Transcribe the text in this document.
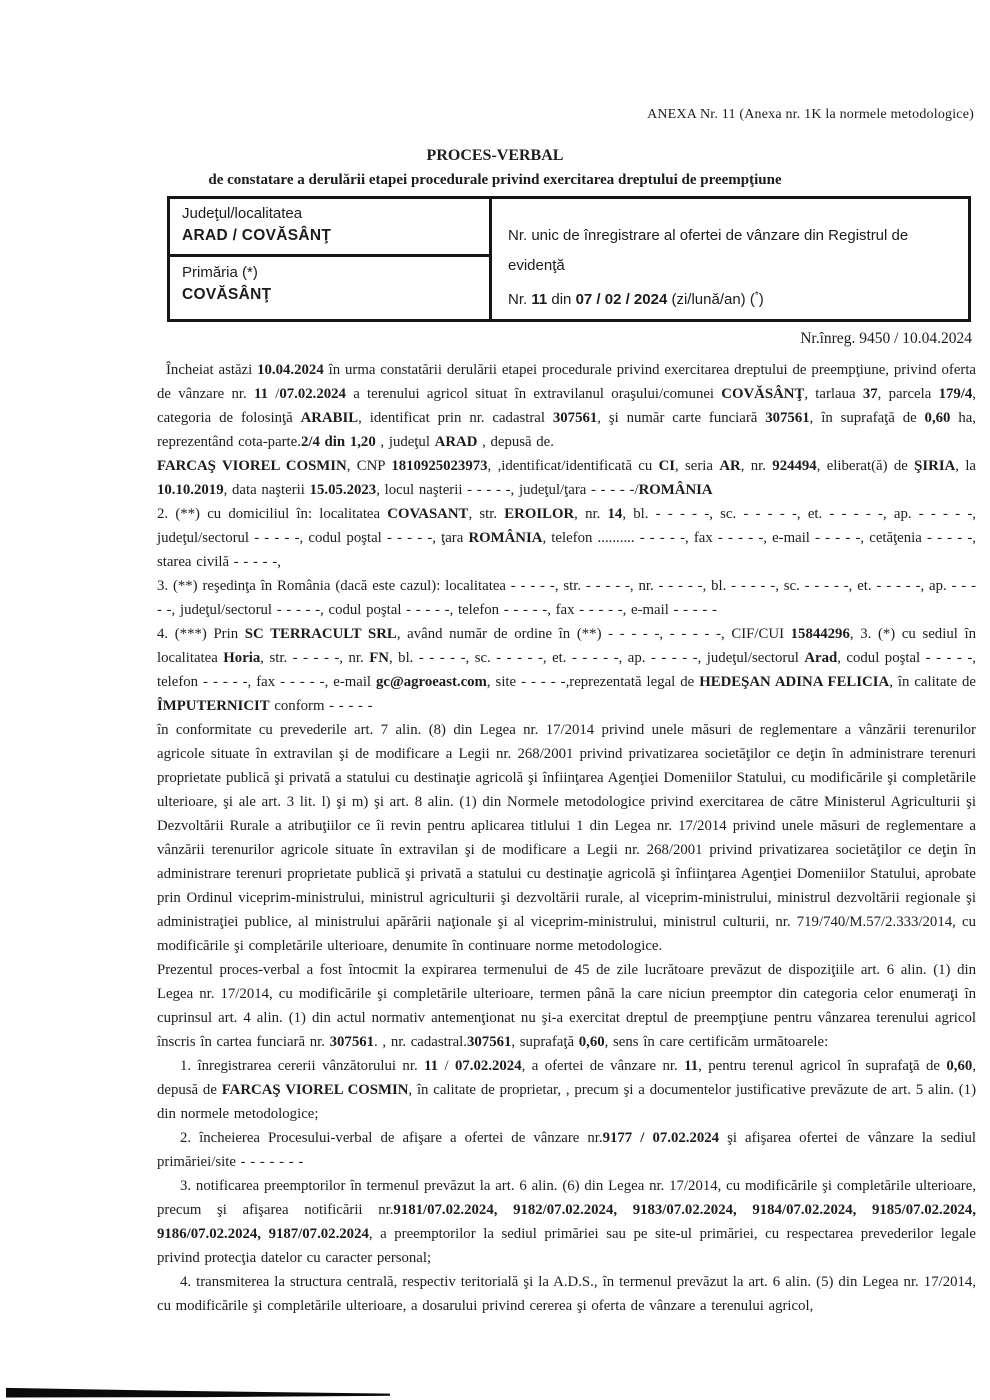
ANEXA Nr. 11 (Anexa nr. 1K la normele metodologice)
PROCES-VERBAL
de constatare a derulării etapei procedurale privind exercitarea dreptului de preempţiune
Judeţul/localitatea
ARAD / COVĂSÂNŢ
Primăria (*)
COVĂSÂNŢ
Nr. unic de înregistrare al ofertei de vânzare din Registrul de evidenţă
Nr. 11 din 07 / 02 / 2024 (zi/lună/an) (*)
Nr.înreg. 9450 / 10.04.2024

Încheiat astăzi 10.04.2024 în urma constatării derulării etapei procedurale privind exercitarea dreptului de preempţiune, privind oferta de vânzare nr. 11 /07.02.2024 a terenului agricol situat în extravilanul oraşului/comunei COVĂSÂNŢ, tarlaua 37, parcela 179/4, categoria de folosinţă ARABIL, identificat prin nr. cadastral 307561, şi număr carte funciară 307561, în suprafaţă de 0,60 ha, reprezentând cota-parte.2/4 din 1,20 , judeţul ARAD , depusă de.

FARCAŞ VIOREL COSMIN, CNP 1810925023973, ,identificat/identificată cu CI, seria AR, nr. 924494, eliberat(ă) de ŞIRIA, la 10.10.2019, data naşterii 15.05.2023, locul naşterii - - - - -, judeţul/ţara - - - - -/ROMÂNIA

2. (**) cu domiciliul în: localitatea COVASANT, str. EROILOR, nr. 14, bl. - - - - -, sc. - - - - -, et. - - - - -, ap. - - - - -, judeţul/sectorul - - - - -, codul poştal - - - - -, ţara ROMÂNIA, telefon .......... - - - - -, fax - - - - -, e-mail - - - - -, cetăţenia - - - - -, starea civilă - - - - -,

3. (**) reşedinţa în România (dacă este cazul): localitatea - - - - -, str. - - - - -, nr. - - - - -, bl. - - - - -, sc. - - - - -, et. - - - - -, ap. - - - - -, judeţul/sectorul - - - - -, codul poştal - - - - -, telefon - - - - -, fax - - - - -, e-mail - - - - -

4. (***) Prin SC TERRACULT SRL, având număr de ordine în (**) - - - - -, - - - - -, CIF/CUI 15844296, 3. (*) cu sediul în localitatea Horia, str. - - - - -, nr. FN, bl. - - - - -, sc. - - - - -, et. - - - - -, ap. - - - - -, judeţul/sectorul Arad, codul poştal - - - - -, telefon - - - - -, fax - - - - -, e-mail gc@agroeast.com, site - - - - -,reprezentată legal de HEDEŞAN ADINA FELICIA, în calitate de ÎMPUTERNICIT conform - - - - -

în conformitate cu prevederile art. 7 alin. (8) din Legea nr. 17/2014 privind unele măsuri de reglementare a vânzării terenurilor agricole situate în extravilan şi de modificare a Legii nr. 268/2001 privind privatizarea societăţilor ce deţin în administrare terenuri proprietate publică şi privată a statului cu destinaţie agricolă şi înfiinţarea Agenţiei Domeniilor Statului, cu modificările şi completările ulterioare, şi ale art. 3 lit. l) şi m) şi art. 8 alin. (1) din Normele metodologice privind exercitarea de către Ministerul Agriculturii şi Dezvoltării Rurale a atribuţiilor ce îi revin pentru aplicarea titlului 1 din Legea nr. 17/2014 privind unele măsuri de reglementare a vânzării terenurilor agricole situate în extravilan şi de modificare a Legii nr. 268/2001 privind privatizarea societăţilor ce deţin în administrare terenuri proprietate publică şi privată a statului cu destinaţie agricolă şi înfiinţarea Agenţiei Domeniilor Statului, aprobate prin Ordinul viceprim-ministrului, ministrul agriculturii şi dezvoltării rurale, al viceprim-ministrului, ministrul dezvoltării regionale şi administraţiei publice, al ministrului apărării naţionale şi al viceprim-ministrului, ministrul culturii, nr. 719/740/M.57/2.333/2014, cu modificările şi completările ulterioare, denumite în continuare norme metodologice.

Prezentul proces-verbal a fost întocmit la expirarea termenului de 45 de zile lucrătoare prevăzut de dispoziţiile art. 6 alin. (1) din Legea nr. 17/2014, cu modificările şi completările ulterioare, termen până la care niciun preemptor din categoria celor enumeraţi în cuprinsul art. 4 alin. (1) din actul normativ antemenţionat nu şi-a exercitat dreptul de preempţiune pentru vânzarea terenului agricol înscris în cartea funciară nr. 307561. , nr. cadastral.307561, suprafaţă 0,60, sens în care certificăm următoarele:

1. înregistrarea cererii vânzătorului nr. 11 / 07.02.2024, a ofertei de vânzare nr. 11, pentru terenul agricol în suprafaţă de 0,60, depusă de FARCAŞ VIOREL COSMIN, în calitate de proprietar, , precum şi a documentelor justificative prevăzute de art. 5 alin. (1) din normele metodologice;

2. încheierea Procesului-verbal de afişare a ofertei de vânzare nr.9177 / 07.02.2024 şi afişarea ofertei de vânzare la sediul primăriei/site - - - - - - -

3. notificarea preemptorilor în termenul prevăzut la art. 6 alin. (6) din Legea nr. 17/2014, cu modificările şi completările ulterioare, precum şi afişarea notificării nr.9181/07.02.2024, 9182/07.02.2024, 9183/07.02.2024, 9184/07.02.2024, 9185/07.02.2024, 9186/07.02.2024, 9187/07.02.2024, a preemptorilor la sediul primăriei sau pe site-ul primăriei, cu respectarea prevederilor legale privind protecţia datelor cu caracter personal;

4. transmiterea la structura centrală, respectiv teritorială şi la A.D.S., în termenul prevăzut la art. 6 alin. (5) din Legea nr. 17/2014, cu modificările şi completările ulterioare, a dosarului privind cererea şi oferta de vânzare a terenului agricol,
